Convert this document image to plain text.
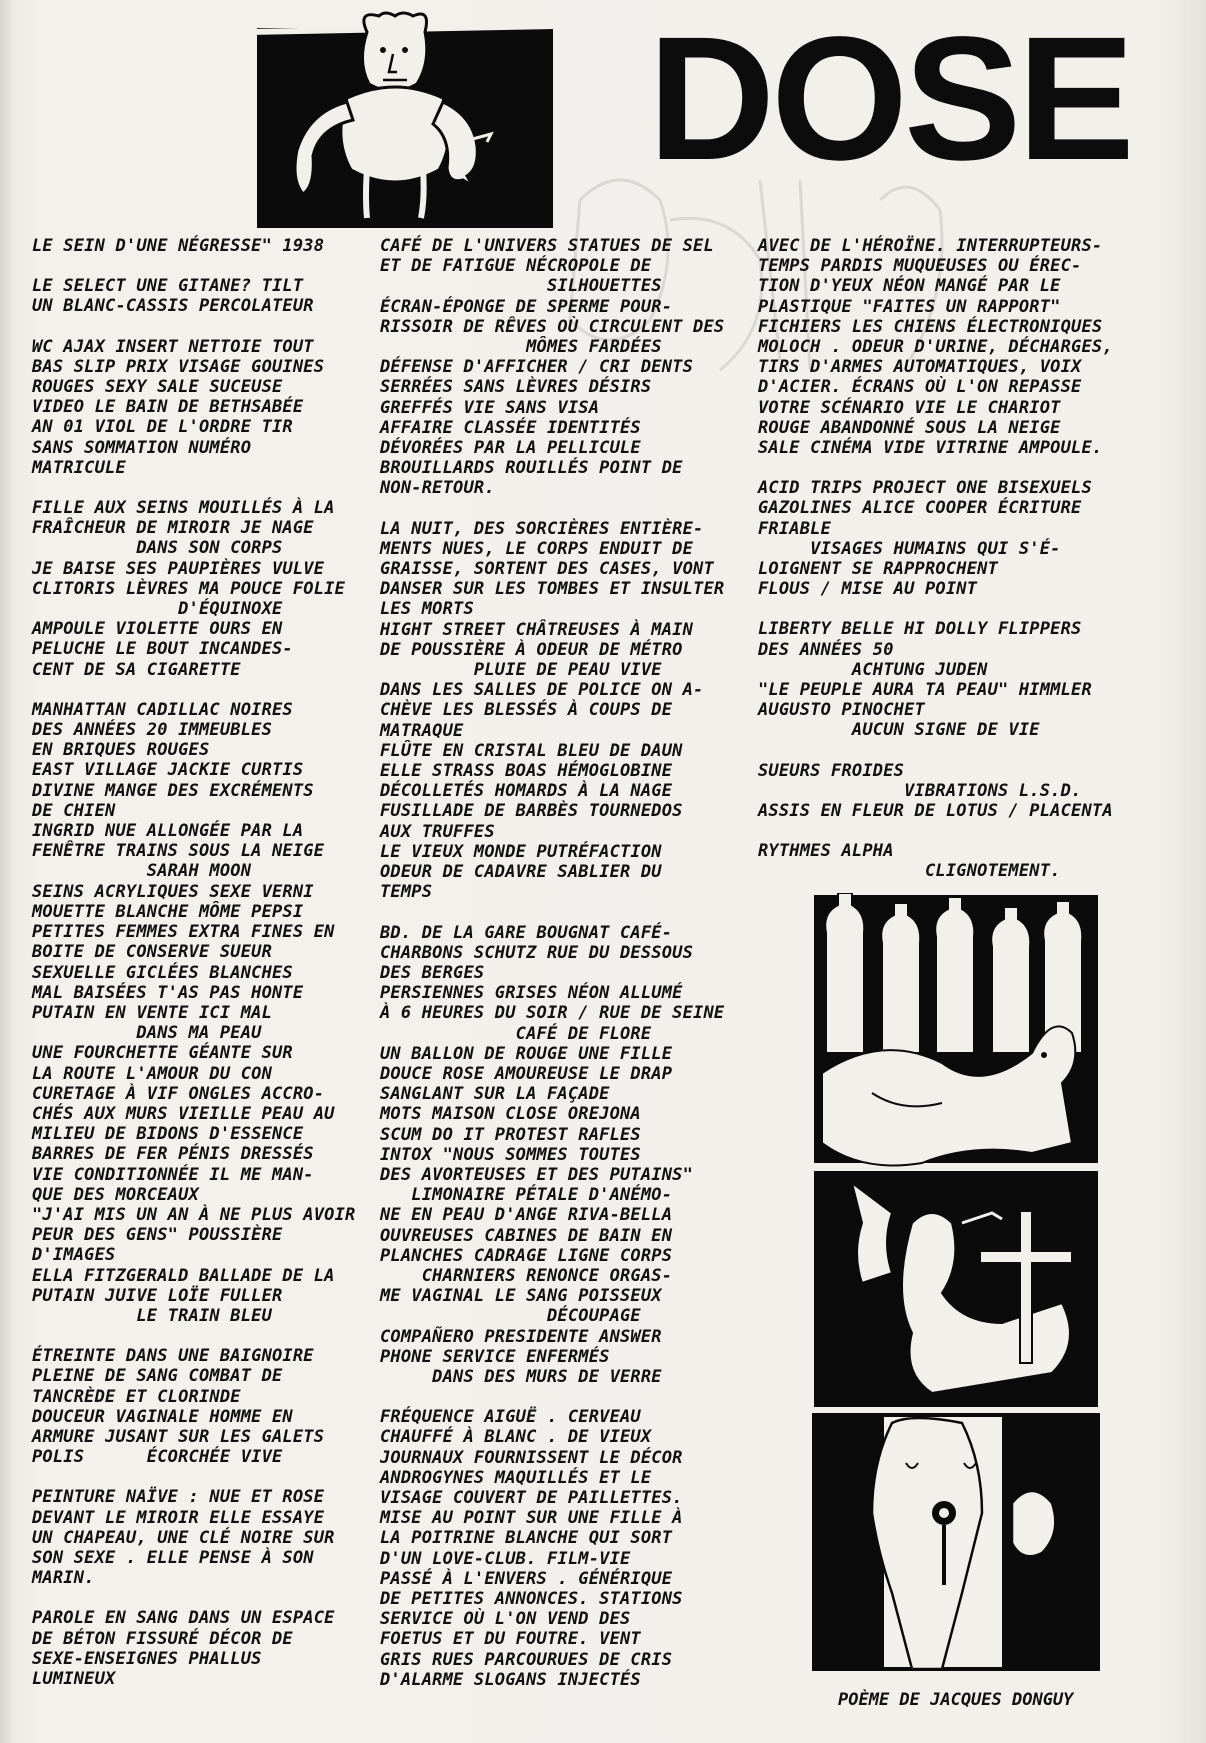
DOSE

LE SEIN D'UNE NÉGRESSE" 1938

LE SELECT UNE GITANE? TILT
UN BLANC-CASSIS PERCOLATEUR

WC AJAX INSERT NETTOIE TOUT
BAS SLIP PRIX VISAGE GOUINES
ROUGES SEXY SALE SUCEUSE
VIDEO LE BAIN DE BETHSABÉE
AN 01 VIOL DE L'ORDRE TIR
SANS SOMMATION NUMÉRO
MATRICULE

FILLE AUX SEINS MOUILLÉS À LA
FRAÎCHEUR DE MIROIR JE NAGE
DANS SON CORPS
JE BAISE SES PAUPIÈRES VULVE
CLITORIS LÈVRES MA POUCE FOLIE
D'ÉQUINOXE
AMPOULE VIOLETTE OURS EN
PELUCHE LE BOUT INCANDES-
CENT DE SA CIGARETTE

MANHATTAN CADILLAC NOIRES
DES ANNÉES 20 IMMEUBLES
EN BRIQUES ROUGES
EAST VILLAGE JACKIE CURTIS
DIVINE MANGE DES EXCRÉMENTS
DE CHIEN
INGRID NUE ALLONGÉE PAR LA
FENÊTRE TRAINS SOUS LA NEIGE
SARAH MOON
SEINS ACRYLIQUES SEXE VERNI
MOUETTE BLANCHE MÔME PEPSI
PETITES FEMMES EXTRA FINES EN
BOITE DE CONSERVE SUEUR
SEXUELLE GICLÉES BLANCHES
MAL BAISÉES T'AS PAS HONTE
PUTAIN EN VENTE ICI MAL
DANS MA PEAU
UNE FOURCHETTE GÉANTE SUR
LA ROUTE L'AMOUR DU CON
CURETAGE À VIF ONGLES ACCRO-
CHÉS AUX MURS VIEILLE PEAU AU
MILIEU DE BIDONS D'ESSENCE
BARRES DE FER PÉNIS DRESSÉS
VIE CONDITIONNÉE IL ME MAN-
QUE DES MORCEAUX
"J'AI MIS UN AN À NE PLUS AVOIR
PEUR DES GENS" POUSSIÈRE
D'IMAGES
ELLA FITZGERALD BALLADE DE LA
PUTAIN JUIVE LOÏE FULLER
LE TRAIN BLEU

ÉTREINTE DANS UNE BAIGNOIRE
PLEINE DE SANG COMBAT DE
TANCRÈDE ET CLORINDE
DOUCEUR VAGINALE HOMME EN
ARMURE JUSANT SUR LES GALETS
POLIS      ÉCORCHÉE VIVE

PEINTURE NAÏVE : NUE ET ROSE
DEVANT LE MIROIR ELLE ESSAYE
UN CHAPEAU, UNE CLÉ NOIRE SUR
SON SEXE . ELLE PENSE À SON
MARIN.

PAROLE EN SANG DANS UN ESPACE
DE BÉTON FISSURÉ DÉCOR DE
SEXE-ENSEIGNES PHALLUS
LUMINEUX

CAFÉ DE L'UNIVERS STATUES DE SEL
ET DE FATIGUE NÉCROPOLE DE
SILHOUETTES
ÉCRAN-ÉPONGE DE SPERME POUR-
RISSOIR DE RÊVES OÙ CIRCULENT DES
MÔMES FARDÉES
DÉFENSE D'AFFICHER / CRI DENTS
SERRÉES SANS LÈVRES DÉSIRS
GREFFÉS VIE SANS VISA
AFFAIRE CLASSÉE IDENTITÉS
DÉVORÉES PAR LA PELLICULE
BROUILLARDS ROUILLÉS POINT DE
NON-RETOUR.

LA NUIT, DES SORCIÈRES ENTIÈRE-
MENTS NUES, LE CORPS ENDUIT DE
GRAISSE, SORTENT DES CASES, VONT
DANSER SUR LES TOMBES ET INSULTER
LES MORTS
HIGHT STREET CHÂTREUSES À MAIN
DE POUSSIÈRE À ODEUR DE MÉTRO
PLUIE DE PEAU VIVE
DANS LES SALLES DE POLICE ON A-
CHÈVE LES BLESSÉS À COUPS DE
MATRAQUE
FLÛTE EN CRISTAL BLEU DE DAUN
ELLE STRASS BOAS HÉMOGLOBINE
DÉCOLLETÉS HOMARDS À LA NAGE
FUSILLADE DE BARBÈS TOURNEDOS
AUX TRUFFES
LE VIEUX MONDE PUTRÉFACTION
ODEUR DE CADAVRE SABLIER DU
TEMPS

BD. DE LA GARE BOUGNAT CAFÉ-
CHARBONS SCHUTZ RUE DU DESSOUS
DES BERGES
PERSIENNES GRISES NÉON ALLUMÉ
À 6 HEURES DU SOIR / RUE DE SEINE
CAFÉ DE FLORE
UN BALLON DE ROUGE UNE FILLE
DOUCE ROSE AMOUREUSE LE DRAP
SANGLANT SUR LA FAÇADE
MOTS MAISON CLOSE OREJONA
SCUM DO IT PROTEST RAFLES
INTOX "NOUS SOMMES TOUTES
DES AVORTEUSES ET DES PUTAINS"
LIMONAIRE PÉTALE D'ANÉMO-
NE EN PEAU D'ANGE RIVA-BELLA
OUVREUSES CABINES DE BAIN EN
PLANCHES CADRAGE LIGNE CORPS
CHARNIERS RENONCE ORGAS-
ME VAGINAL LE SANG POISSEUX
DÉCOUPAGE
COMPAÑERO PRESIDENTE ANSWER
PHONE SERVICE ENFERMÉS
DANS DES MURS DE VERRE

FRÉQUENCE AIGUË . CERVEAU
CHAUFFÉ À BLANC . DE VIEUX
JOURNAUX FOURNISSENT LE DÉCOR
ANDROGYNES MAQUILLÉS ET LE
VISAGE COUVERT DE PAILLETTES.
MISE AU POINT SUR UNE FILLE À
LA POITRINE BLANCHE QUI SORT
D'UN LOVE-CLUB. FILM-VIE
PASSÉ À L'ENVERS . GÉNÉRIQUE
DE PETITES ANNONCES. STATIONS
SERVICE OÙ L'ON VEND DES
FOETUS ET DU FOUTRE. VENT
GRIS RUES PARCOURUES DE CRIS
D'ALARME SLOGANS INJECTÉS

AVEC DE L'HÉROÏNE. INTERRUPTEURS-
TEMPS PARDIS MUQUEUSES OU ÉREC-
TION D'YEUX NÉON MANGÉ PAR LE
PLASTIQUE "FAITES UN RAPPORT"
FICHIERS LES CHIENS ÉLECTRONIQUES
MOLOCH . ODEUR D'URINE, DÉCHARGES,
TIRS D'ARMES AUTOMATIQUES, VOIX
D'ACIER. ÉCRANS OÙ L'ON REPASSE
VOTRE SCÉNARIO VIE LE CHARIOT
ROUGE ABANDONNÉ SOUS LA NEIGE
SALE CINÉMA VIDE VITRINE AMPOULE.

ACID TRIPS PROJECT ONE BISEXUELS
GAZOLINES ALICE COOPER ÉCRITURE
FRIABLE
VISAGES HUMAINS QUI S'É-
LOIGNENT SE RAPPROCHENT
FLOUS / MISE AU POINT

LIBERTY BELLE HI DOLLY FLIPPERS
DES ANNÉES 50
ACHTUNG JUDEN
"LE PEUPLE AURA TA PEAU" HIMMLER
AUGUSTO PINOCHET
AUCUN SIGNE DE VIE

SUEURS FROIDES
VIBRATIONS L.S.D.
ASSIS EN FLEUR DE LOTUS / PLACENTA

RYTHMES ALPHA
CLIGNOTEMENT.

POÈME DE JACQUES DONGUY
